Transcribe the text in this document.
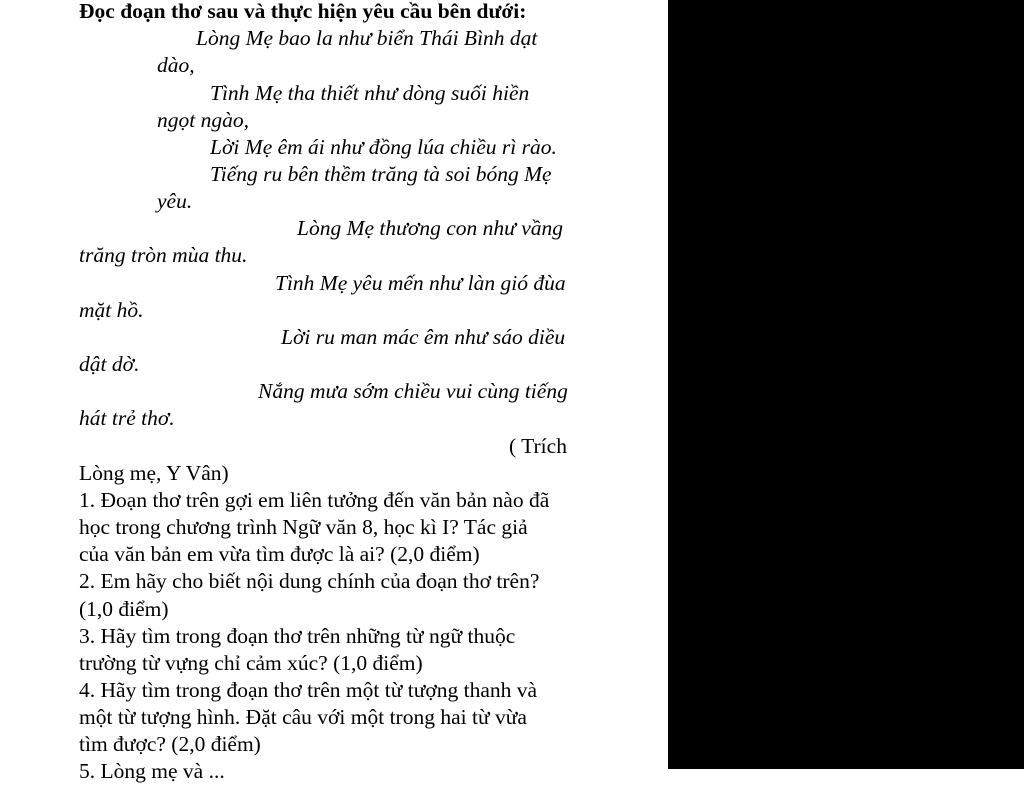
Đọc đoạn thơ sau và thực hiện yêu cầu bên dưới:
Lòng Mẹ bao la như biển Thái Bình dạt
dào,
Tình Mẹ tha thiết như dòng suối hiền
ngọt ngào,
Lời Mẹ êm ái như đồng lúa chiều rì rào.
Tiếng ru bên thềm trăng tà soi bóng Mẹ
yêu.
Lòng Mẹ thương con như vầng
trăng tròn mùa thu.
Tình Mẹ yêu mến như làn gió đùa
mặt hồ.
Lời ru man mác êm như sáo diều
dật dờ.
Nắng mưa sớm chiều vui cùng tiếng
hát trẻ thơ.
( Trích
Lòng mẹ, Y Vân)
1. Đoạn thơ trên gợi em liên tưởng đến văn bản nào đã
học trong chương trình Ngữ văn 8, học kì I? Tác giả
của văn bản em vừa tìm được là ai? (2,0 điểm)
2. Em hãy cho biết nội dung chính của đoạn thơ trên?
(1,0 điểm)
3. Hãy tìm trong đoạn thơ trên những từ ngữ thuộc
trường từ vựng chỉ cảm xúc? (1,0 điểm)
4. Hãy tìm trong đoạn thơ trên một từ tượng thanh và
một từ tượng hình. Đặt câu với một trong hai từ vừa
tìm được? (2,0 điểm)
5. Lòng mẹ và ...
